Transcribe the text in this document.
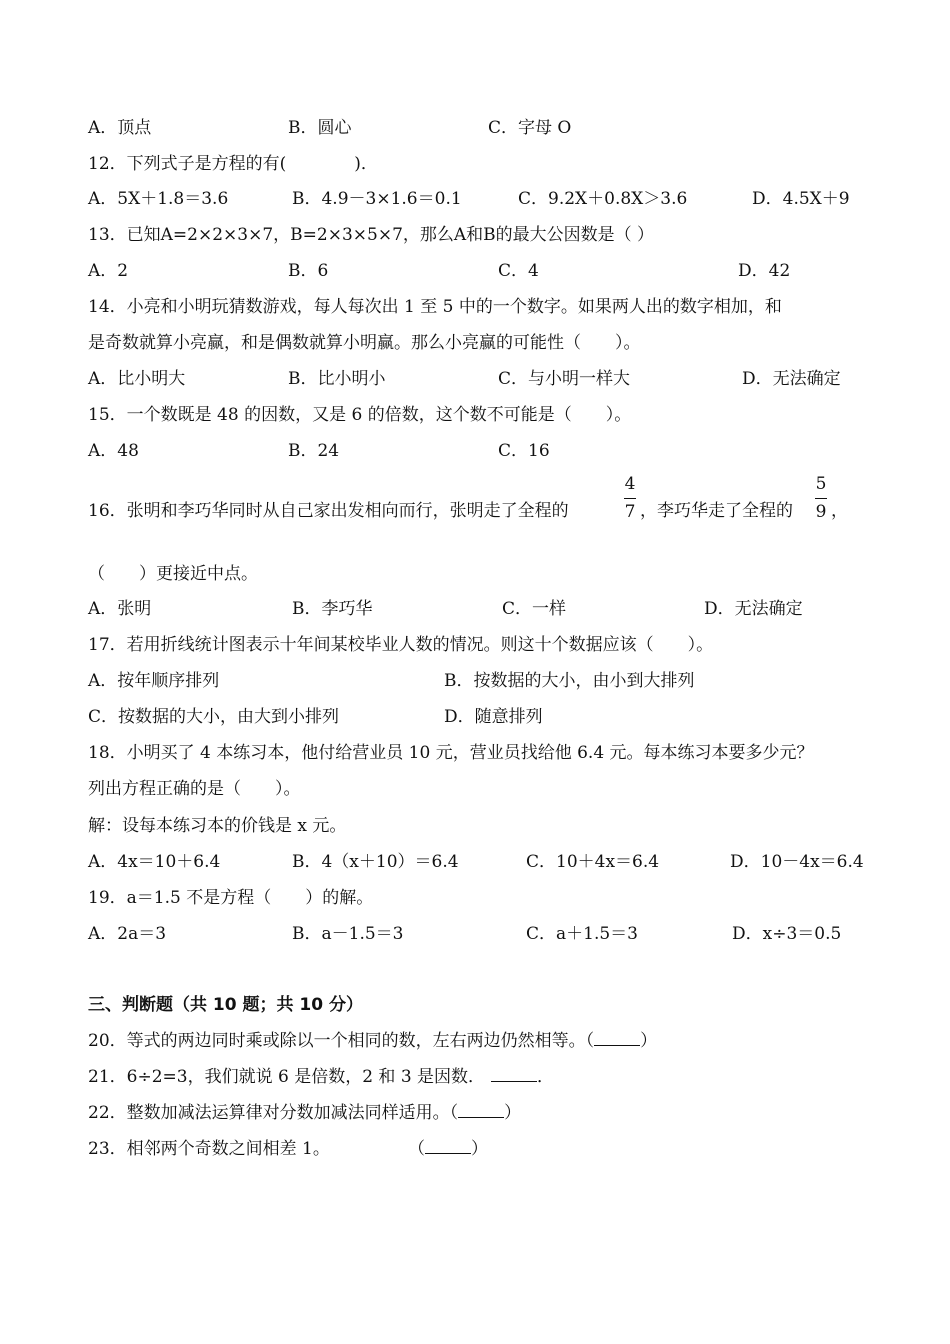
A．顶点	B．圆心	C．字母 O
12．下列式子是方程的有(　　　　)．
A．5X＋1.8＝3.6	B．4.9－3×1.6＝0.1	C．9.2X＋0.8X＞3.6	D．4.5X＋9
13．已知A=2×2×3×7，B=2×3×5×7，那么A和B的最大公因数是（ ）
A．2	B．6	C．4	D．42
14．小亮和小明玩猜数游戏，每人每次出 1 至 5 中的一个数字。如果两人出的数字相加，和
是奇数就算小亮赢，和是偶数就算小明赢。那么小亮赢的可能性（　　）。
A．比小明大	B．比小明小	C．与小明一样大	D．无法确定
15．一个数既是 48 的因数，又是 6 的倍数，这个数不可能是（　　）。
A．48	B．24	C．16
16．张明和李巧华同时从自己家出发相向而行，张明走了全程的
4
7 ，李巧华走了全程的
5
9 ，
（　　）更接近中点。
A．张明	B．李巧华	C．一样	D．无法确定
17．若用折线统计图表示十年间某校毕业人数的情况。则这十个数据应该（　　）。
A．按年顺序排列	B．按数据的大小，由小到大排列
C．按数据的大小，由大到小排列	D．随意排列
18．小明买了 4 本练习本，他付给营业员 10 元，营业员找给他 6.4 元。每本练习本要多少元？
列出方程正确的是（　　）。
解：设每本练习本的价钱是 x 元。
A．4x＝10＋6.4	B．4（x＋10）＝6.4	C．10＋4x＝6.4	D．10－4x＝6.4
19．a＝1.5 不是方程（　　）的解。
A．2a＝3	B．a－1.5＝3	C．a＋1.5＝3	D．x÷3＝0.5
三、判断题（共 10 题；共 10 分）
20．等式的两边同时乘或除以一个相同的数，左右两边仍然相等。（	）
21．6÷2=3，我们就说 6 是倍数，2 和 3 是因数．	．
22．整数加减法运算律对分数加减法同样适用。（	）
23．相邻两个奇数之间相差 1。	（	）
